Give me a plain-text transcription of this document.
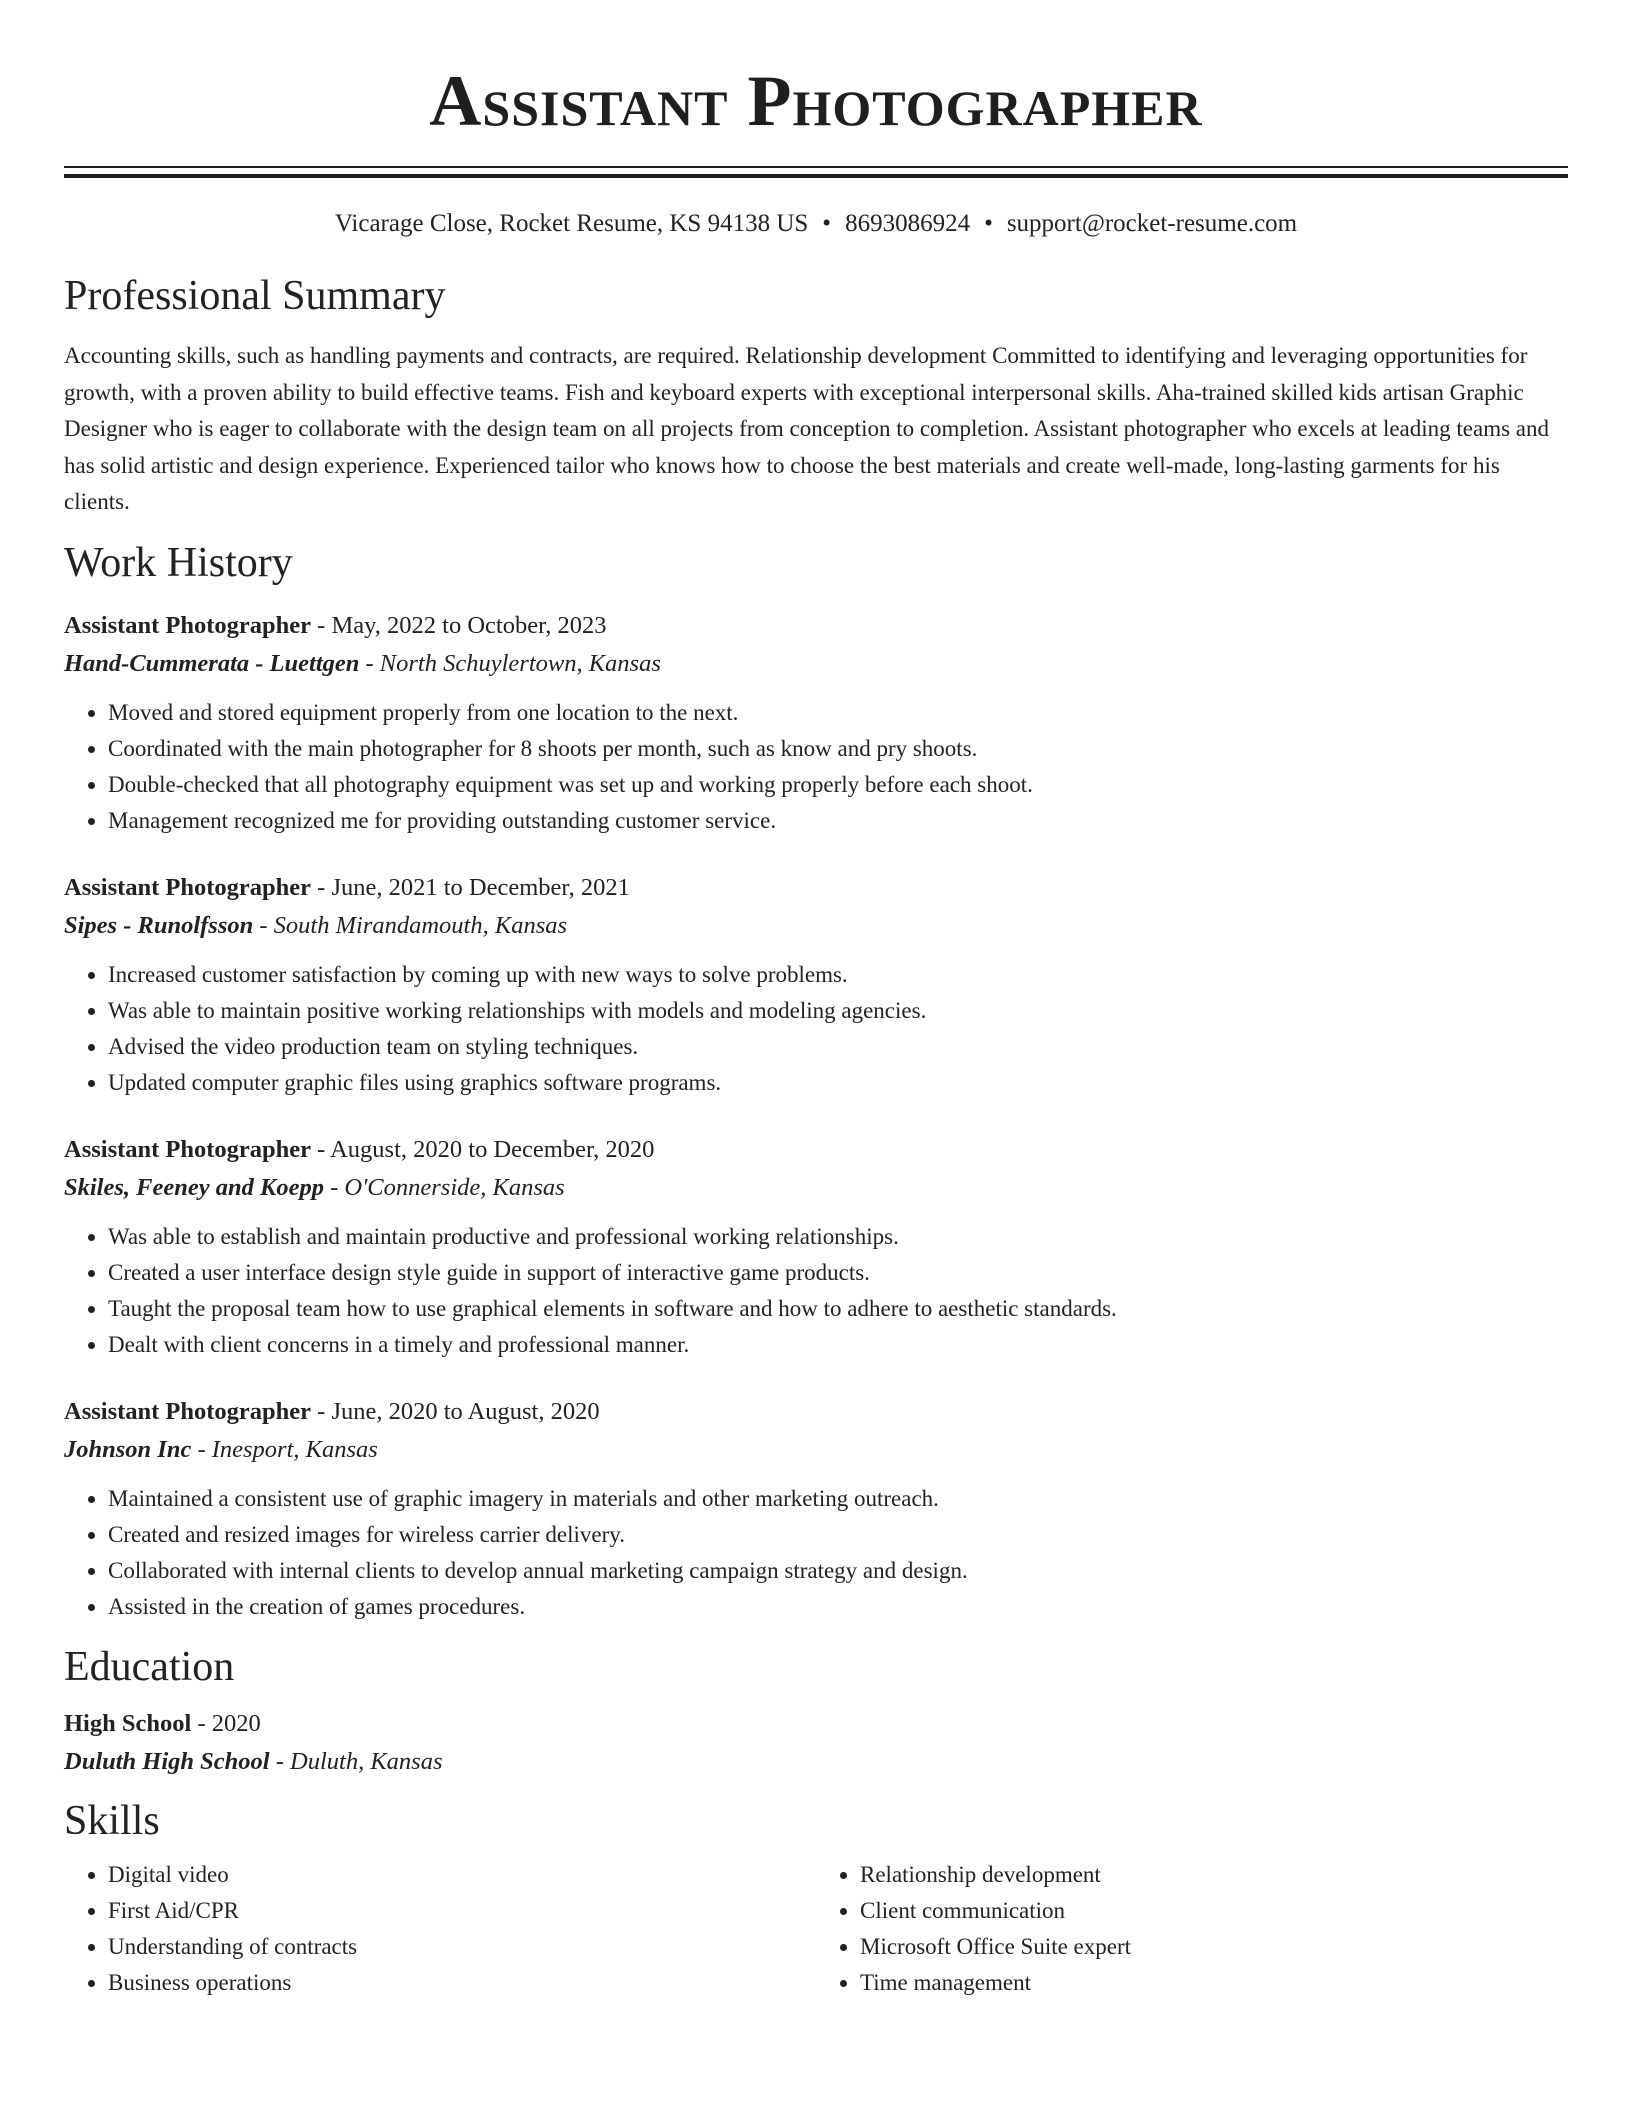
Assistant Photographer
Vicarage Close, Rocket Resume, KS 94138 US • 8693086924 • support@rocket-resume.com
Professional Summary

Accounting skills, such as handling payments and contracts, are required. Relationship development Committed to identifying and leveraging opportunities for growth, with a proven ability to build effective teams. Fish and keyboard experts with exceptional interpersonal skills. Aha-trained skilled kids artisan Graphic Designer who is eager to collaborate with the design team on all projects from conception to completion. Assistant photographer who excels at leading teams and has solid artistic and design experience. Experienced tailor who knows how to choose the best materials and create well-made, long-lasting garments for his clients.

Work History
Assistant Photographer - May, 2022 to October, 2023
Hand-Cummerata - Luettgen - North Schuylertown, Kansas
• Moved and stored equipment properly from one location to the next.
• Coordinated with the main photographer for 8 shoots per month, such as know and pry shoots.
• Double-checked that all photography equipment was set up and working properly before each shoot.
• Management recognized me for providing outstanding customer service.
Assistant Photographer - June, 2021 to December, 2021
Sipes - Runolfsson - South Mirandamouth, Kansas
• Increased customer satisfaction by coming up with new ways to solve problems.
• Was able to maintain positive working relationships with models and modeling agencies.
• Advised the video production team on styling techniques.
• Updated computer graphic files using graphics software programs.
Assistant Photographer - August, 2020 to December, 2020
Skiles, Feeney and Koepp - O'Connerside, Kansas
• Was able to establish and maintain productive and professional working relationships.
• Created a user interface design style guide in support of interactive game products.
• Taught the proposal team how to use graphical elements in software and how to adhere to aesthetic standards.
• Dealt with client concerns in a timely and professional manner.
Assistant Photographer - June, 2020 to August, 2020
Johnson Inc - Inesport, Kansas
• Maintained a consistent use of graphic imagery in materials and other marketing outreach.
• Created and resized images for wireless carrier delivery.
• Collaborated with internal clients to develop annual marketing campaign strategy and design.
• Assisted in the creation of games procedures.
Education
High School - 2020
Duluth High School - Duluth, Kansas
Skills
• Digital video
• First Aid/CPR
• Understanding of contracts
• Business operations
• Relationship development
• Client communication
• Microsoft Office Suite expert
• Time management
